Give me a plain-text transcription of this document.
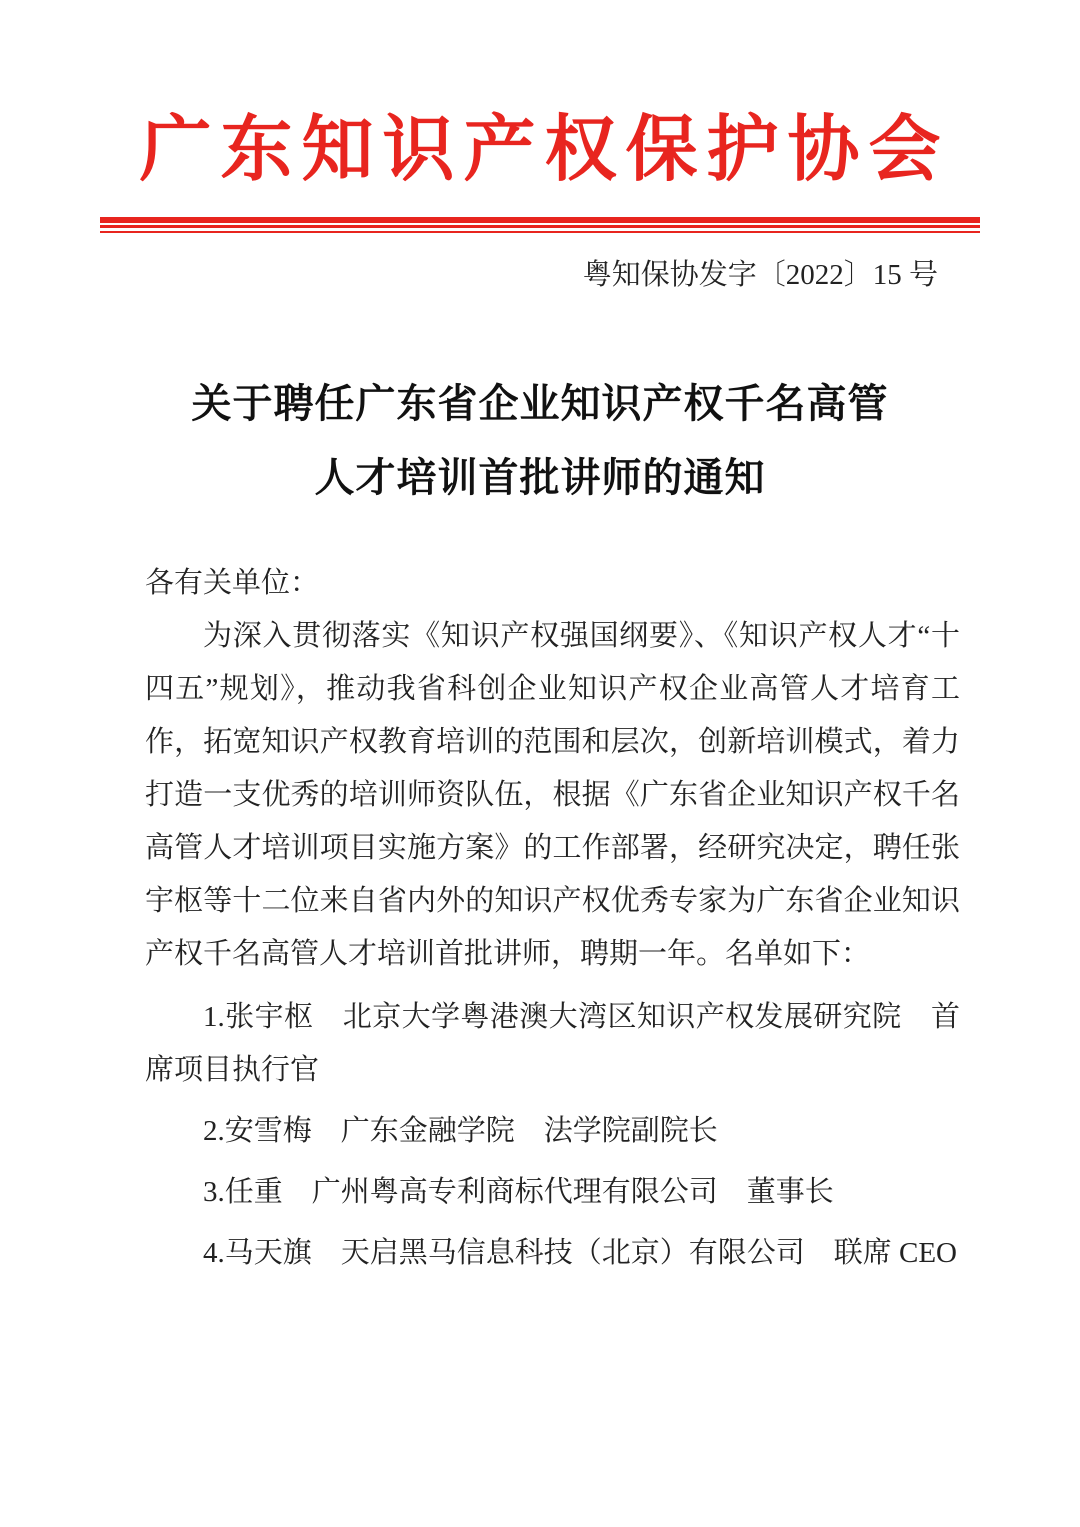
广东知识产权保护协会
粤知保协发字〔2022〕15 号
关于聘任广东省企业知识产权千名高管
人才培训首批讲师的通知

各有关单位：

为深入贯彻落实《知识产权强国纲要》、《知识产权人才“十四五”规划》，推动我省科创企业知识产权企业高管人才培育工作，拓宽知识产权教育培训的范围和层次，创新培训模式，着力打造一支优秀的培训师资队伍，根据《广东省企业知识产权千名高管人才培训项目实施方案》的工作部署，经研究决定，聘任张宇枢等十二位来自省内外的知识产权优秀专家为广东省企业知识产权千名高管人才培训首批讲师，聘期一年。名单如下：

1.张宇枢　北京大学粤港澳大湾区知识产权发展研究院　首席项目执行官

2.安雪梅　广东金融学院　法学院副院长

3.任重　广州粤高专利商标代理有限公司　董事长

4.马天旗　天启黑马信息科技（北京）有限公司　联席 CEO
